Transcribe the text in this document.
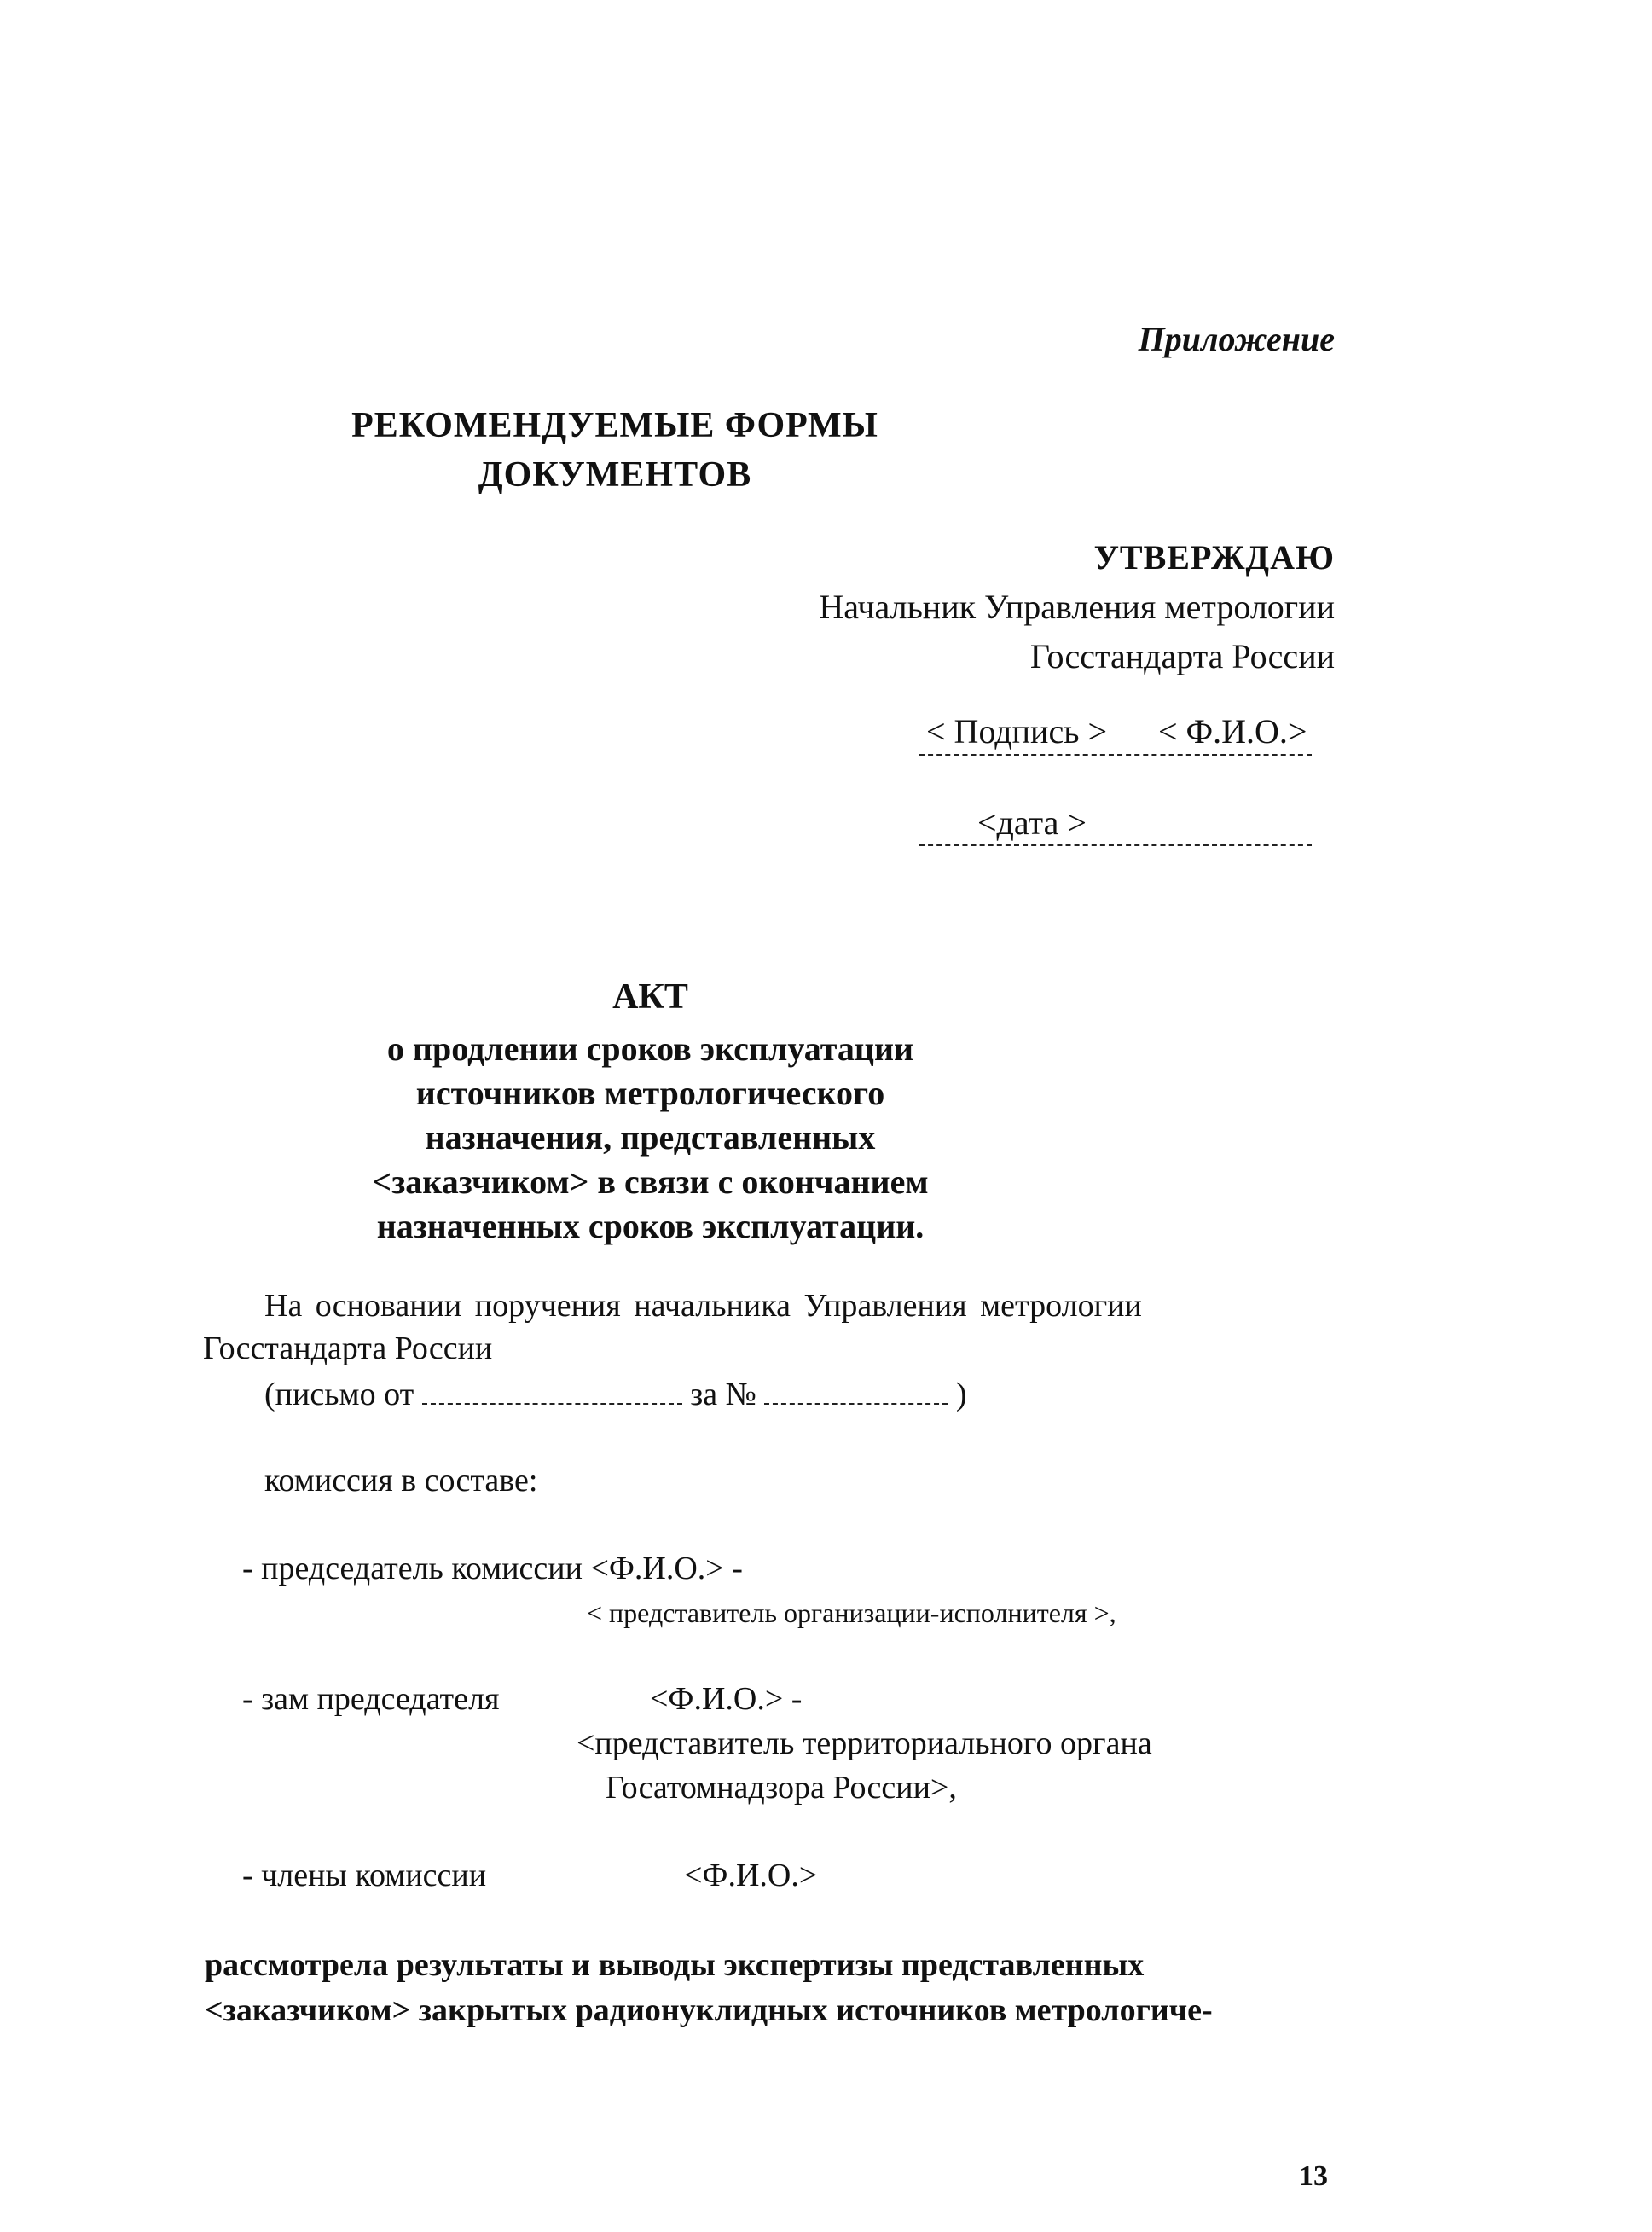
Приложение
РЕКОМЕНДУЕМЫЕ ФОРМЫ
ДОКУМЕНТОВ
УТВЕРЖДАЮ
Начальник Управления метрологии
Госстандарта России
< Подпись > < Ф.И.О.>
<дата >
АКТ
о продлении сроков эксплуатации
источников метрологического
назначения, представленных
<заказчиком> в связи с окончанием
назначенных сроков эксплуатации.
На основании поручения начальника Управления метрологии
Госстандарта России
(письмо от	за №	)
комиссия в составе:
- председатель комиссии <Ф.И.О.> -
< представитель организации-исполнителя >,
- зам председателя	<Ф.И.О.> -
<представитель территориального органа
Госатомнадзора России>,
- члены комиссии	<Ф.И.О.>
рассмотрела результаты и выводы экспертизы представленных
<заказчиком> закрытых радионуклидных источников метрологиче-
13
